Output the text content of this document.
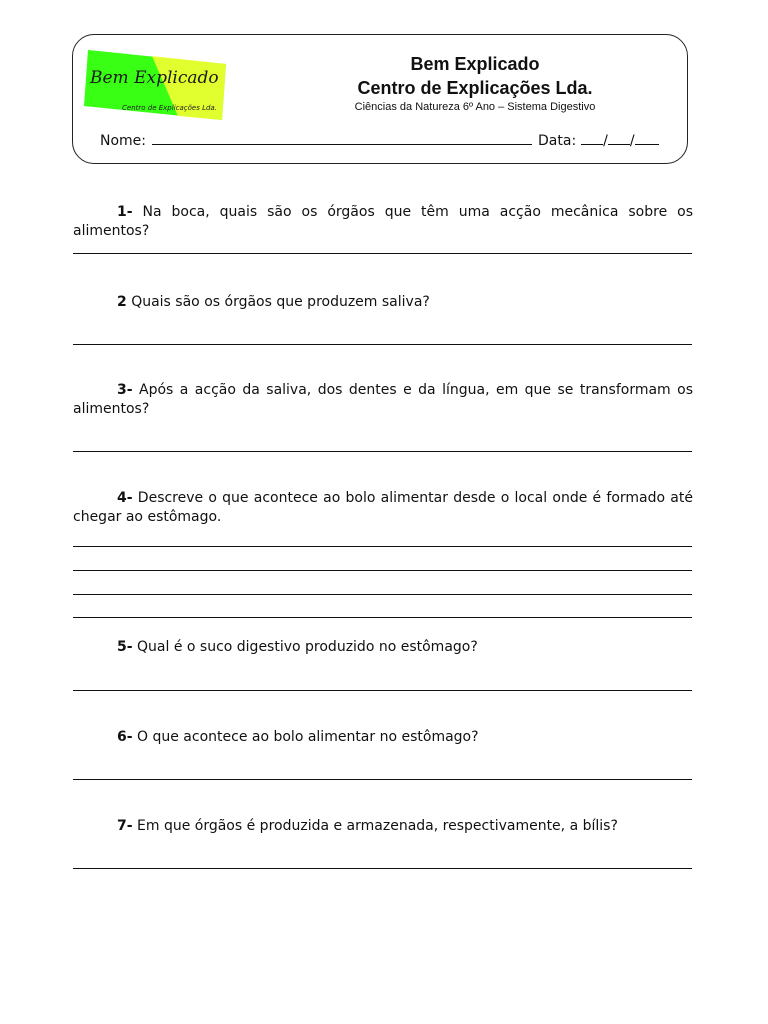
Bem Explicado
Centro de Explicações Lda.
Bem Explicado
Centro de Explicações Lda.
Ciências da Natureza 6º Ano – Sistema Digestivo
Nome:	Data: / /
1- Na boca, quais são os órgãos que têm uma acção mecânica sobre os alimentos?
2 Quais são os órgãos que produzem saliva?
3- Após a acção da saliva, dos dentes e da língua, em que se transformam os alimentos?
4- Descreve o que acontece ao bolo alimentar desde o local onde é formado até chegar ao estômago.
5- Qual é o suco digestivo produzido no estômago?
6- O que acontece ao bolo alimentar no estômago?
7- Em que órgãos é produzida e armazenada, respectivamente, a bílis?
